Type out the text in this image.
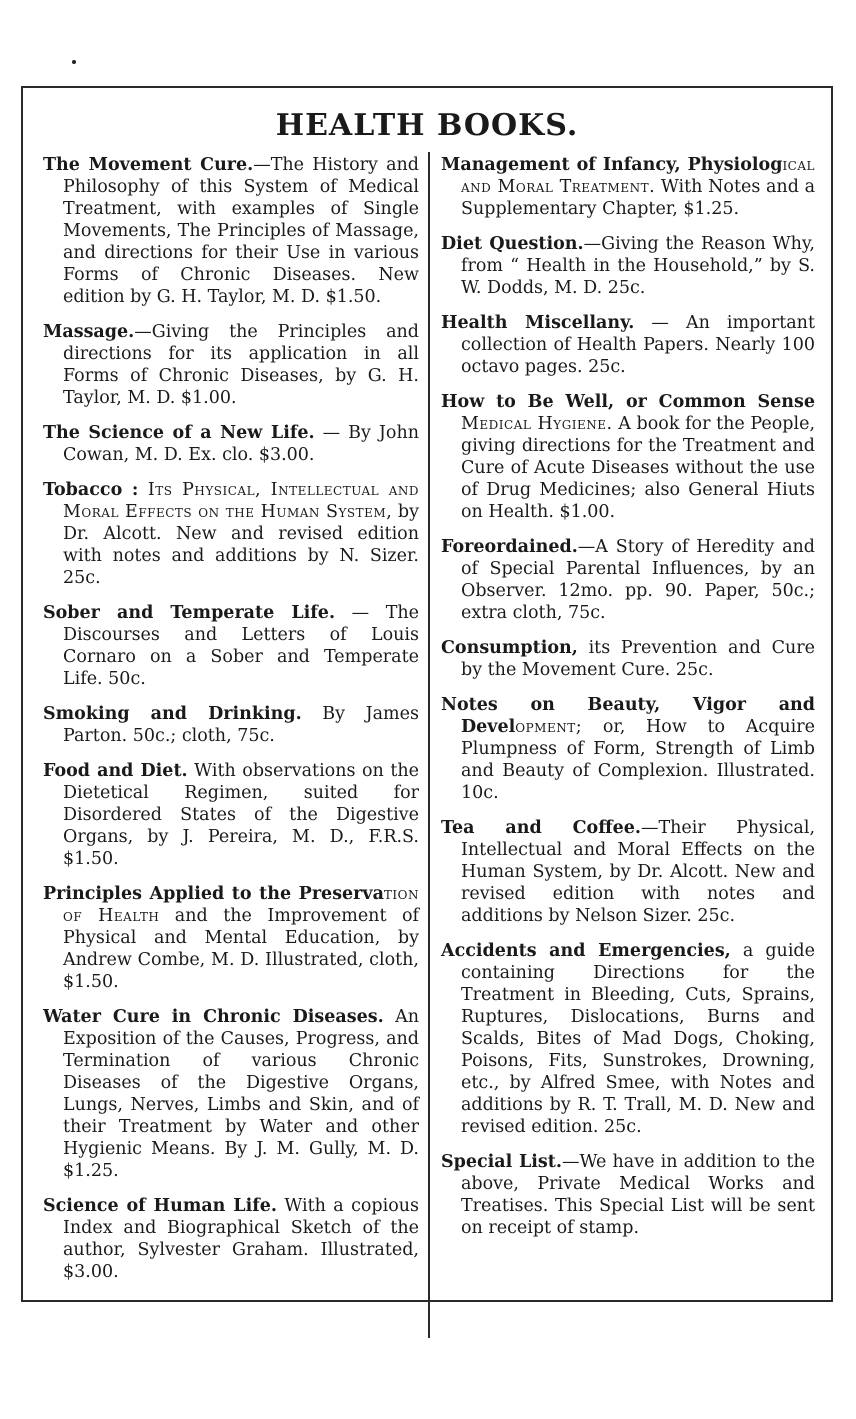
HEALTH BOOKS.

The Movement Cure.—The History and Philosophy of this System of Medical Treatment, with examples of Single Movements, The Principles of Massage, and directions for their Use in various Forms of Chronic Diseases. New edition by G. H. Taylor, M. D. $1.50.

Massage.—Giving the Principles and directions for its application in all Forms of Chronic Diseases, by G. H. Taylor, M. D. $1.00.

The Science of a New Life. — By John Cowan, M. D. Ex. clo. $3.00.

Tobacco : Its Physical, Intellectual and Moral Effects on the Human System, by Dr. Alcott. New and revised edition with notes and additions by N. Sizer. 25c.

Sober and Temperate Life. — The Discourses and Letters of Louis Cornaro on a Sober and Temperate Life. 50c.

Smoking and Drinking. By James Parton. 50c.; cloth, 75c.

Food and Diet. With observations on the Dietetical Regimen, suited for Disordered States of the Digestive Organs, by J. Pereira, M. D., F.R.S. $1.50.

Principles Applied to the Preservation of Health and the Improvement of Physical and Mental Education, by Andrew Combe, M. D. Illustrated, cloth, $1.50.

Water Cure in Chronic Diseases. An Exposition of the Causes, Progress, and Termination of various Chronic Diseases of the Digestive Organs, Lungs, Nerves, Limbs and Skin, and of their Treatment by Water and other Hygienic Means. By J. M. Gully, M. D. $1.25.

Science of Human Life. With a copious Index and Biographical Sketch of the author, Sylvester Graham. Illustrated, $3.00.

Management of Infancy, Physiological and Moral Treatment. With Notes and a Supplementary Chapter, $1.25.

Diet Question.—Giving the Reason Why, from “ Health in the Household,” by S. W. Dodds, M. D. 25c.

Health Miscellany. — An important collection of Health Papers. Nearly 100 octavo pages. 25c.

How to Be Well, or Common Sense Medical Hygiene. A book for the People, giving directions for the Treatment and Cure of Acute Diseases without the use of Drug Medicines; also General Hiuts on Health. $1.00.

Foreordained.—A Story of Heredity and of Special Parental Influences, by an Observer. 12mo. pp. 90. Paper, 50c.; extra cloth, 75c.

Consumption, its Prevention and Cure by the Movement Cure. 25c.

Notes on Beauty, Vigor and Development; or, How to Acquire Plumpness of Form, Strength of Limb and Beauty of Complexion. Illustrated. 10c.

Tea and Coffee.—Their Physical, Intellectual and Moral Effects on the Human System, by Dr. Alcott. New and revised edition with notes and additions by Nelson Sizer. 25c.

Accidents and Emergencies, a guide containing Directions for the Treatment in Bleeding, Cuts, Sprains, Ruptures, Dislocations, Burns and Scalds, Bites of Mad Dogs, Choking, Poisons, Fits, Sunstrokes, Drowning, etc., by Alfred Smee, with Notes and additions by R. T. Trall, M. D. New and revised edition. 25c.

Special List.—We have in addition to the above, Private Medical Works and Treatises. This Special List will be sent on receipt of stamp.
